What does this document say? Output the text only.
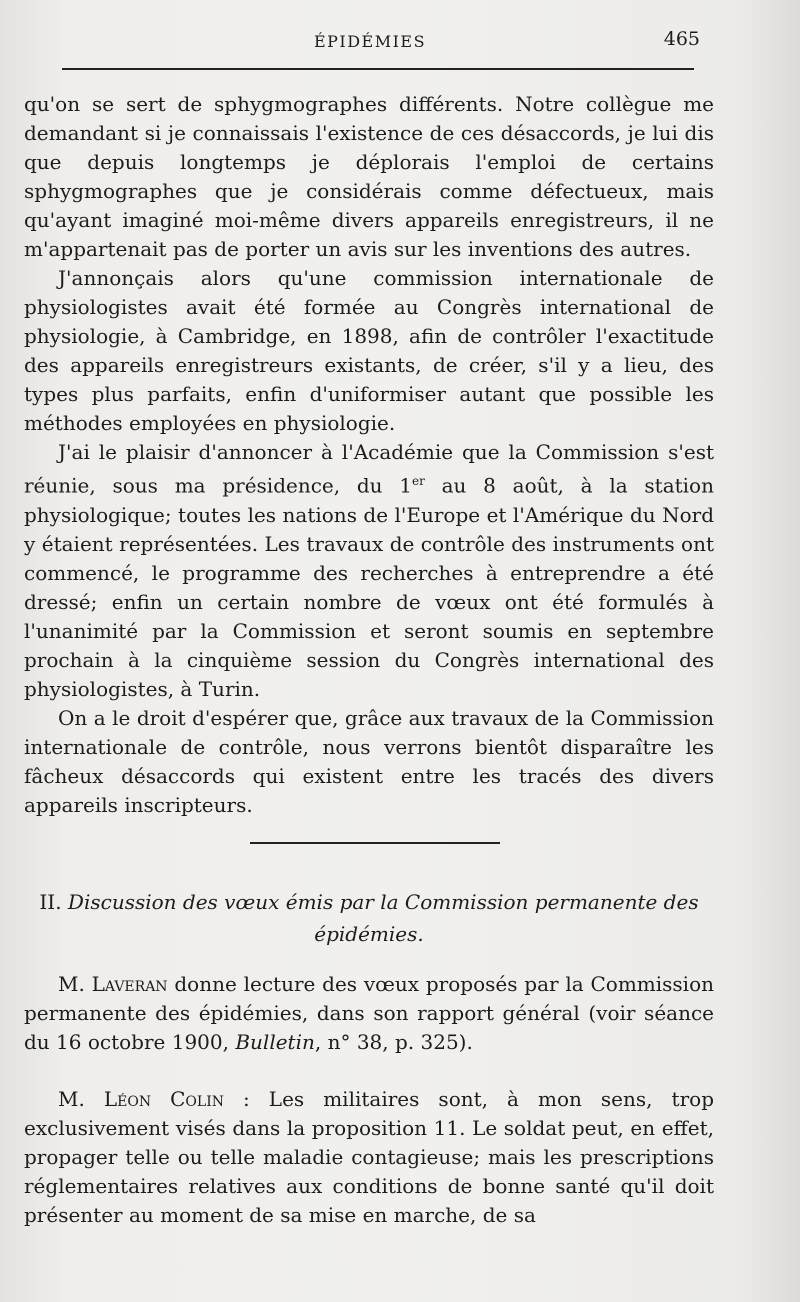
ÉPIDÉMIES	465

qu'on se sert de sphygmographes différents. Notre collègue me demandant si je connaissais l'existence de ces désaccords, je lui dis que depuis longtemps je déplorais l'emploi de certains sphygmographes que je considérais comme défectueux, mais qu'ayant imaginé moi-même divers appareils enregistreurs, il ne m'appartenait pas de porter un avis sur les inventions des autres.

J'annonçais alors qu'une commission internationale de physiologistes avait été formée au Congrès international de physiologie, à Cambridge, en 1898, afin de contrôler l'exactitude des appareils enregistreurs existants, de créer, s'il y a lieu, des types plus parfaits, enfin d'uniformiser autant que possible les méthodes employées en physiologie.

J'ai le plaisir d'annoncer à l'Académie que la Commission s'est réunie, sous ma présidence, du 1er au 8 août, à la station physiologique; toutes les nations de l'Europe et l'Amérique du Nord y étaient représentées. Les travaux de contrôle des instruments ont commencé, le programme des recherches à entreprendre a été dressé; enfin un certain nombre de vœux ont été formulés à l'unanimité par la Commission et seront soumis en septembre prochain à la cinquième session du Congrès international des physiologistes, à Turin.

On a le droit d'espérer que, grâce aux travaux de la Commission internationale de contrôle, nous verrons bientôt disparaître les fâcheux désaccords qui existent entre les tracés des divers appareils inscripteurs.

II. Discussion des vœux émis par la Commission permanente des épidémies.

M. Laveran donne lecture des vœux proposés par la Commission permanente des épidémies, dans son rapport général (voir séance du 16 octobre 1900, Bulletin, n° 38, p. 325).

M. Léon Colin : Les militaires sont, à mon sens, trop exclusivement visés dans la proposition 11. Le soldat peut, en effet, propager telle ou telle maladie contagieuse; mais les prescriptions réglementaires relatives aux conditions de bonne santé qu'il doit présenter au moment de sa mise en marche, de sa
